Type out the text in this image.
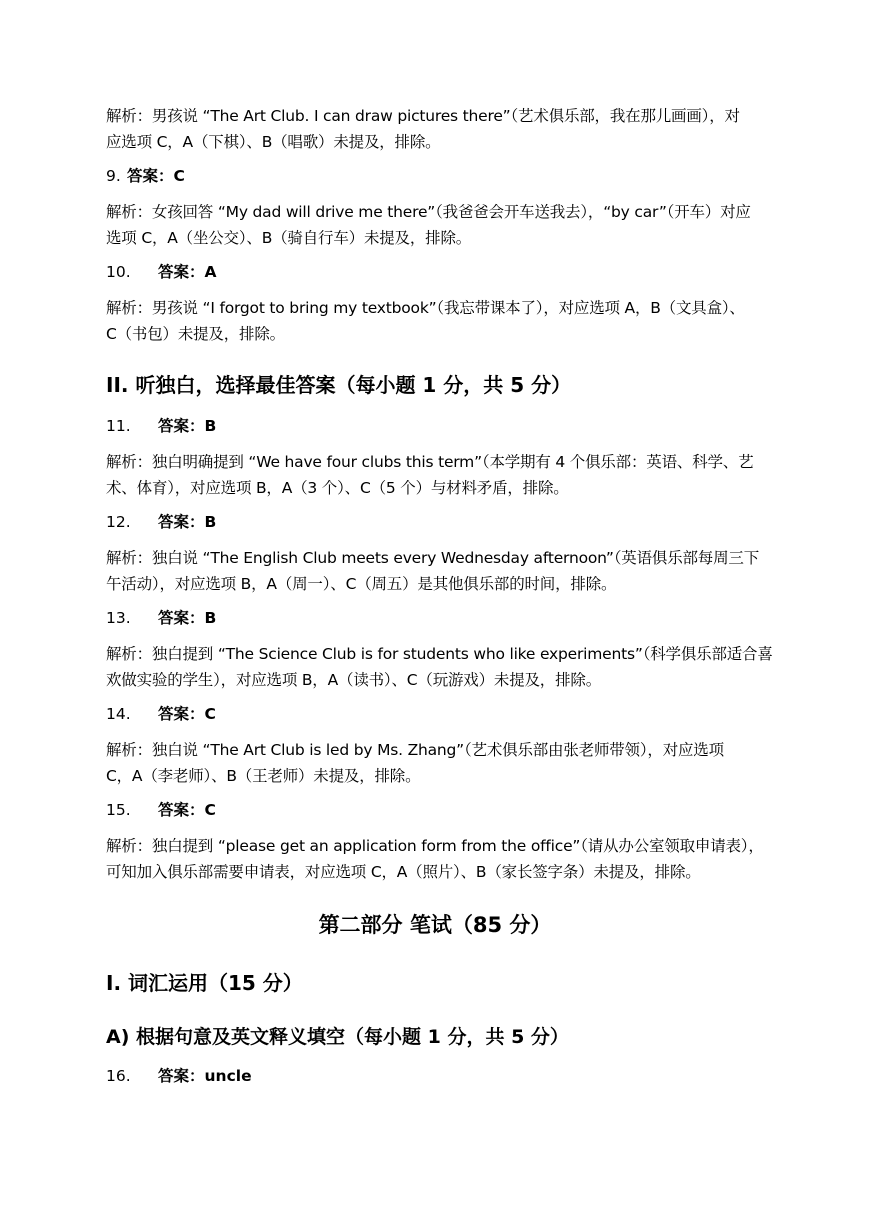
解析：男孩说 “The Art Club. I can draw pictures there”（艺术俱乐部，我在那儿画画），对
应选项 C，A（下棋）、B（唱歌）未提及，排除。
9. 答案：C
解析：女孩回答 “My dad will drive me there”（我爸爸会开车送我去），“by car”（开车）对应
选项 C，A（坐公交）、B（骑自行车）未提及，排除。
10. 答案：A
解析：男孩说 “I forgot to bring my textbook”（我忘带课本了），对应选项 A，B（文具盒）、
C（书包）未提及，排除。
II. 听独白，选择最佳答案（每小题 1 分，共 5 分）
11. 答案：B
解析：独白明确提到 “We have four clubs this term”（本学期有 4 个俱乐部：英语、科学、艺
术、体育），对应选项 B，A（3 个）、C（5 个）与材料矛盾，排除。
12. 答案：B
解析：独白说 “The English Club meets every Wednesday afternoon”（英语俱乐部每周三下
午活动），对应选项 B，A（周一）、C（周五）是其他俱乐部的时间，排除。
13. 答案：B
解析：独白提到 “The Science Club is for students who like experiments”（科学俱乐部适合喜
欢做实验的学生），对应选项 B，A（读书）、C（玩游戏）未提及，排除。
14. 答案：C
解析：独白说 “The Art Club is led by Ms. Zhang”（艺术俱乐部由张老师带领），对应选项
C，A（李老师）、B（王老师）未提及，排除。
15. 答案：C
解析：独白提到 “please get an application form from the office”（请从办公室领取申请表），
可知加入俱乐部需要申请表，对应选项 C，A（照片）、B（家长签字条）未提及，排除。
第二部分 笔试（85 分）
I. 词汇运用（15 分）
A) 根据句意及英文释义填空（每小题 1 分，共 5 分）
16. 答案：uncle
